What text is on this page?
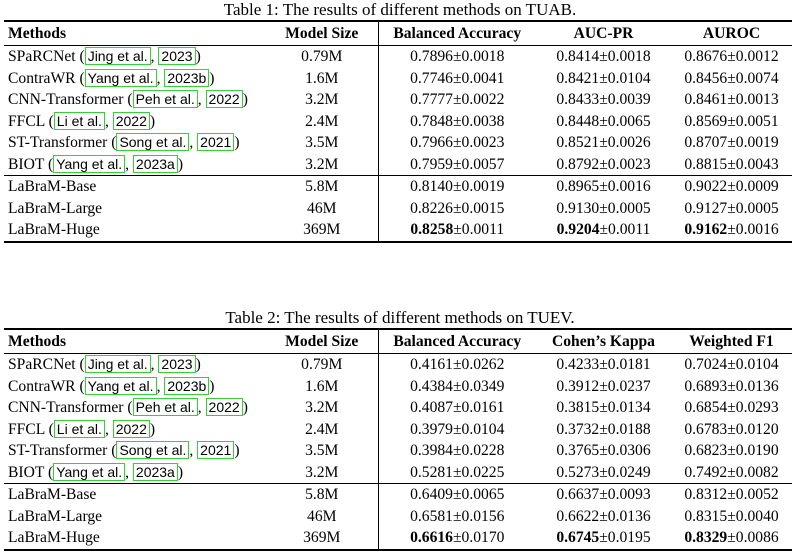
Table 1: The results of different methods on TUAB.
Methods	Model Size	Balanced Accuracy	AUC-PR	AUROC
SPaRCNet ( Jing et al. , 2023 )	0.79M	0.7896±0.0018	0.8414±0.0018	0.8676±0.0012
ContraWR ( Yang et al. , 2023b )	1.6M	0.7746±0.0041	0.8421±0.0104	0.8456±0.0074
CNN-Transformer ( Peh et al. , 2022 )	3.2M	0.7777±0.0022	0.8433±0.0039	0.8461±0.0013
FFCL ( Li et al. , 2022 )	2.4M	0.7848±0.0038	0.8448±0.0065	0.8569±0.0051
ST-Transformer ( Song et al. , 2021 )	3.5M	0.7966±0.0023	0.8521±0.0026	0.8707±0.0019
BIOT ( Yang et al. , 2023a )	3.2M	0.7959±0.0057	0.8792±0.0023	0.8815±0.0043
LaBraM-Base	5.8M	0.8140±0.0019	0.8965±0.0016	0.9022±0.0009
LaBraM-Large	46M	0.8226±0.0015	0.9130±0.0005	0.9127±0.0005
LaBraM-Huge	369M	0.8258±0.0011	0.9204±0.0011	0.9162±0.0016
Table 2: The results of different methods on TUEV.
Methods	Model Size	Balanced Accuracy	Cohen’s Kappa	Weighted F1
SPaRCNet ( Jing et al. , 2023 )	0.79M	0.4161±0.0262	0.4233±0.0181	0.7024±0.0104
ContraWR ( Yang et al. , 2023b )	1.6M	0.4384±0.0349	0.3912±0.0237	0.6893±0.0136
CNN-Transformer ( Peh et al. , 2022 )	3.2M	0.4087±0.0161	0.3815±0.0134	0.6854±0.0293
FFCL ( Li et al. , 2022 )	2.4M	0.3979±0.0104	0.3732±0.0188	0.6783±0.0120
ST-Transformer ( Song et al. , 2021 )	3.5M	0.3984±0.0228	0.3765±0.0306	0.6823±0.0190
BIOT ( Yang et al. , 2023a )	3.2M	0.5281±0.0225	0.5273±0.0249	0.7492±0.0082
LaBraM-Base	5.8M	0.6409±0.0065	0.6637±0.0093	0.8312±0.0052
LaBraM-Large	46M	0.6581±0.0156	0.6622±0.0136	0.8315±0.0040
LaBraM-Huge	369M	0.6616±0.0170	0.6745±0.0195	0.8329±0.0086
